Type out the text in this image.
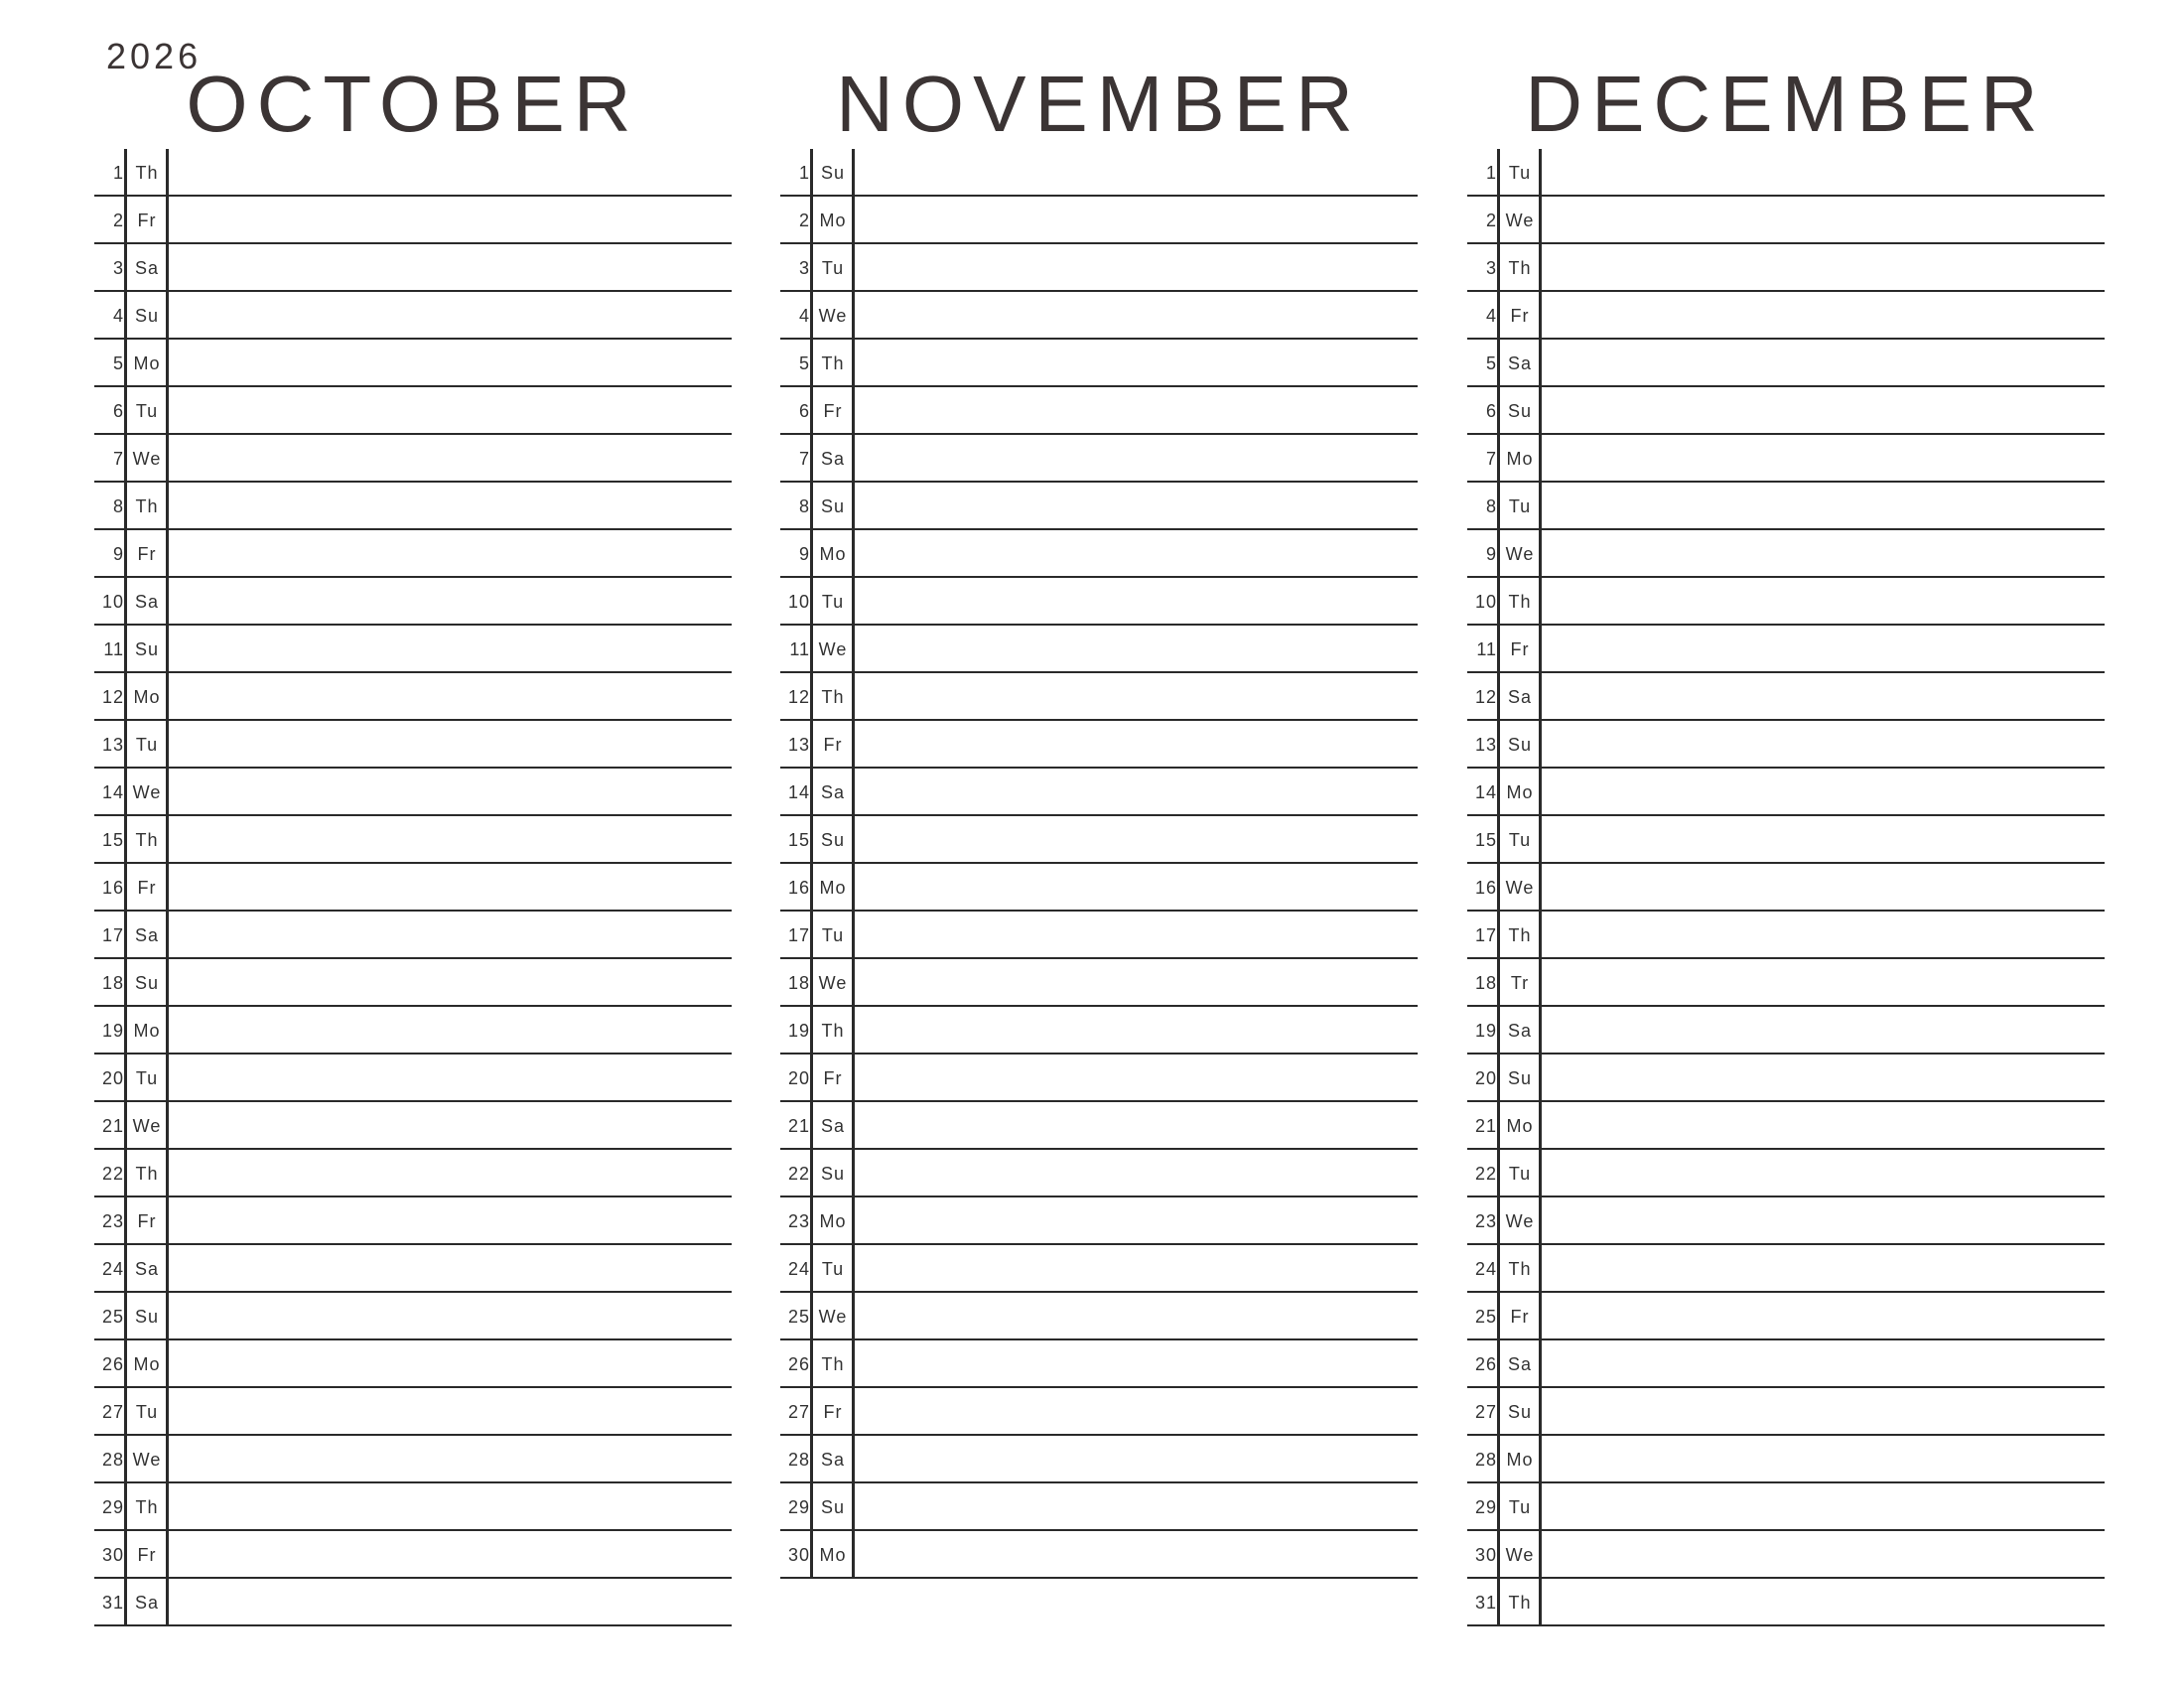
2026
OCTOBER
1 Th
2 Fr
3 Sa
4 Su
5 Mo
6 Tu
7 We
8 Th
9 Fr
10 Sa
11 Su
12 Mo
13 Tu
14 We
15 Th
16 Fr
17 Sa
18 Su
19 Mo
20 Tu
21 We
22 Th
23 Fr
24 Sa
25 Su
26 Mo
27 Tu
28 We
29 Th
30 Fr
31 Sa
NOVEMBER
1 Su
2 Mo
3 Tu
4 We
5 Th
6 Fr
7 Sa
8 Su
9 Mo
10 Tu
11 We
12 Th
13 Fr
14 Sa
15 Su
16 Mo
17 Tu
18 We
19 Th
20 Fr
21 Sa
22 Su
23 Mo
24 Tu
25 We
26 Th
27 Fr
28 Sa
29 Su
30 Mo
DECEMBER
1 Tu
2 We
3 Th
4 Fr
5 Sa
6 Su
7 Mo
8 Tu
9 We
10 Th
11 Fr
12 Sa
13 Su
14 Mo
15 Tu
16 We
17 Th
18 Tr
19 Sa
20 Su
21 Mo
22 Tu
23 We
24 Th
25 Fr
26 Sa
27 Su
28 Mo
29 Tu
30 We
31 Th
